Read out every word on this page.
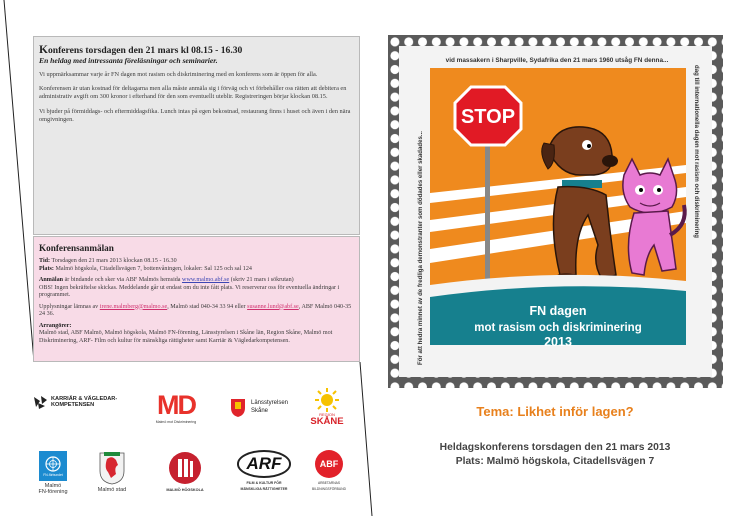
Konferens torsdagen den 21 mars kl 08.15 - 16.30
En heldag med intressanta föreläsningar och seminarier.

Vi uppmärksammar varje år FN dagen mot rasism och diskriminering med en konferens som är öppen för alla.

Konferensen är utan kostnad för deltagarna men alla måste anmäla sig i förväg och vi förbehåller oss rätten att debitera en administrativ avgift om 300 kronor i efterhand för den som eventuellt uteblir. Registreringen börjar klockan 08.15.

Vi bjuder på förmiddags- och eftermiddagsfika. Lunch intas på egen bekostnad, restaurang finns i huset och även i den nära omgivningen.

Konferensanmälan

Tid: Torsdagen den 21 mars 2013 klockan 08.15 - 16.30
Plats: Malmö högskola, Citadellsvägen 7, bottenvåningen, lokaler: Sal 125 och sal 124

Anmälan är bindande och sker via ABF Malmös hemsida www.malmo.abf.se (skriv 21 mars i sökrutan)
OBS! Ingen bekräftelse skickas. Meddelande går ut endast om du inte fått plats. Vi reserverar oss för eventuella ändringar i programmet.

Upplysningar lämnas av irene.malmberg@malmo.se, Malmö stad 040-34 33 94 eller susanne.lund@abf.se, ABF Malmö 040-35 24 36.

Arrangörer:
Malmö stad, ABF Malmö, Malmö högskola, Malmö FN-förening, Länsstyrelsen i Skåne län, Region Skåne, Malmö mot Diskriminering, ARF- Film och kultur för mänskliga rättigheter samt Karriär & Vägledarkompetensen.

KARRIÄR & VÄGLEDAR-
KOMPETENSEN	MD
Malmö mot Diskriminering
Länsstyrelsen
Skåne
REGION
SKÅNE
FN-förbundet
Malmö
FN-förening	Malmö stad	MALMÖ HÖGSKOLA
ARF
FILM & KULTUR FÖR
MÄNSKLIGA RÄTTIGHETER
ABF
ARBETARNAS
BILDNINGSFÖRBUND
vid massakern i Sharpville, Sydafrika den 21 mars 1960 utsåg FN denna...
dag till internationella dagen mot rasism och diskriminering
För att hedra minnet av de fredliga demonstranter som dödades eller skadades...
STOP
FN dagen
mot rasism och diskriminering
2013
Tema: Likhet inför lagen?
Heldagskonferens torsdagen den 21 mars 2013
Plats: Malmö högskola, Citadellsvägen 7
